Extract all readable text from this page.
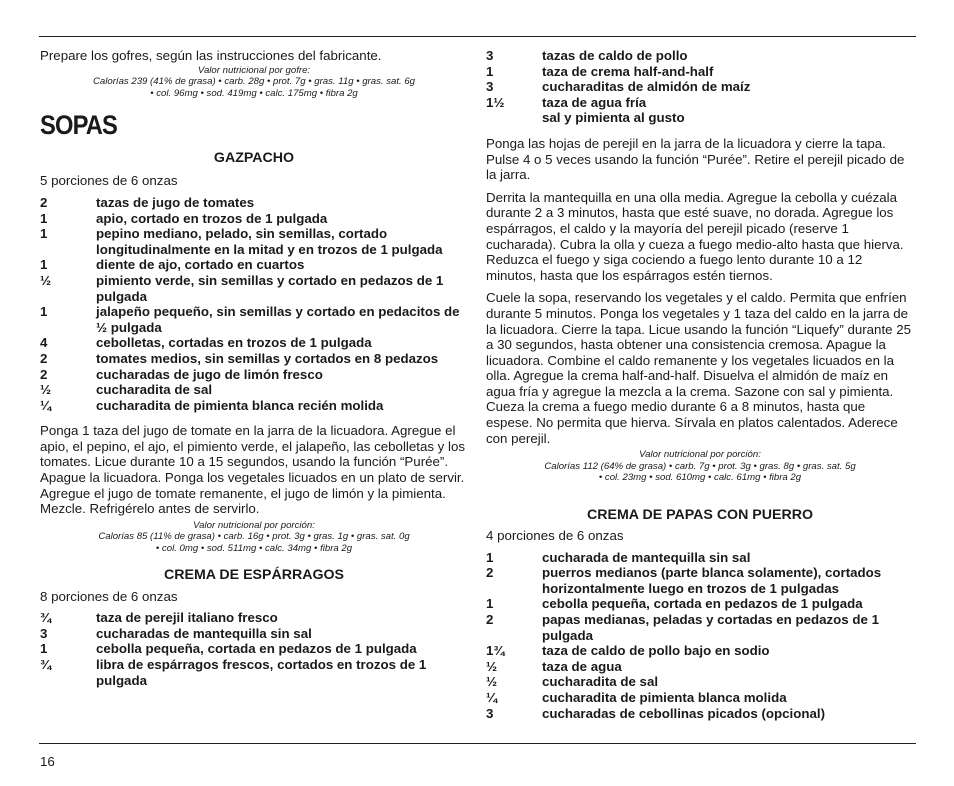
Prepare los gofres, según las instrucciones del fabricante.

Valor nutricional por gofre:
Calorías 239 (41% de grasa) • carb. 28g • prot. 7g • gras. 11g • gras. sat. 6g
• col. 96mg • sod. 419mg • calc. 175mg • fibra 2g
SOPAS
GAZPACHO

5 porciones de 6 onzas

2	tazas de jugo de tomates
1	apio, cortado en trozos de 1 pulgada
1	pepino mediano, pelado, sin semillas, cortado longitudinalmente en la mitad y en trozos de 1 pulgada
1	diente de ajo, cortado en cuartos
½	pimiento verde, sin semillas y cortado en pedazos de 1 pulgada
1	jalapeño pequeño, sin semillas y cortado en pedacitos de ½ pulgada
4	cebolletas, cortadas en trozos de 1 pulgada
2	tomates medios, sin semillas y cortados en 8 pedazos
2	cucharadas de jugo de limón fresco
½	cucharadita de sal
¼	cucharadita de pimienta blanca recién molida

Ponga 1 taza del jugo de tomate en la jarra de la licuadora. Agregue el apio, el pepino, el ajo, el pimiento verde, el jalapeño, las cebolletas y los tomates. Licue durante 10 a 15 segundos, usando la función “Purée”. Apague la licuadora. Ponga los vegetales licuados en un plato de servir. Agregue el jugo de tomate remanente, el jugo de limón y la pimienta. Mezcle. Refrigérelo antes de servirlo.

Valor nutricional por porción:
Calorías 85 (11% de grasa) • carb. 16g • prot. 3g • gras. 1g • gras. sat. 0g
• col. 0mg • sod. 511mg • calc. 34mg • fibra 2g
CREMA DE ESPÁRRAGOS

8 porciones de 6 onzas

¾	taza de perejil italiano fresco
3	cucharadas de mantequilla sin sal
1	cebolla pequeña, cortada en pedazos de 1 pulgada
¾	libra de espárragos frescos, cortados en trozos de 1 pulgada
3	tazas de caldo de pollo
1	taza de crema half-and-half
3	cucharaditas de almidón de maíz
1½	taza de agua fría
sal y pimienta al gusto

Ponga las hojas de perejil en la jarra de la licuadora y cierre la tapa. Pulse 4 o 5 veces usando la función “Purée”. Retire el perejil picado de la jarra.

Derrita la mantequilla en una olla media. Agregue la cebolla y cuézala durante 2 a 3 minutos, hasta que esté suave, no dorada. Agregue los espárragos, el caldo y la mayoría del perejil picado (reserve 1 cucharada). Cubra la olla y cueza a fuego medio-alto hasta que hierva. Reduzca el fuego y siga cociendo a fuego lento durante 10 a 12 minutos, hasta que los espárragos estén tiernos.

Cuele la sopa, reservando los vegetales y el caldo. Permita que enfríen durante 5 minutos. Ponga los vegetales y 1 taza del caldo en la jarra de la licuadora. Cierre la tapa. Licue usando la función “Liquefy” durante 25 a 30 segundos, hasta obtener una consistencia cremosa. Apague la licuadora. Combine el caldo remanente y los vegetales licuados en la olla. Agregue la crema half-and-half. Disuelva el almidón de maíz en agua fría y agregue la mezcla a la crema. Sazone con sal y pimienta. Cueza la crema a fuego medio durante 6 a 8 minutos, hasta que espese. No permita que hierva. Sírvala en platos calentados. Aderece con perejil.

Valor nutricional por porción:
Calorías 112 (64% de grasa) • carb. 7g • prot. 3g • gras. 8g • gras. sat. 5g
• col. 23mg • sod. 610mg • calc. 61mg • fibra 2g
CREMA DE PAPAS CON PUERRO

4 porciones de 6 onzas

1	cucharada de mantequilla sin sal
2	puerros medianos (parte blanca solamente), cortados horizontalmente luego en trozos de 1 pulgadas
1	cebolla pequeña, cortada en pedazos de 1 pulgada
2	papas medianas, peladas y cortadas en pedazos de 1 pulgada
1¾	taza de caldo de pollo bajo en sodio
½	taza de agua
½	cucharadita de sal
¼	cucharadita de pimienta blanca molida
3	cucharadas de cebollinas picados (opcional)
16
